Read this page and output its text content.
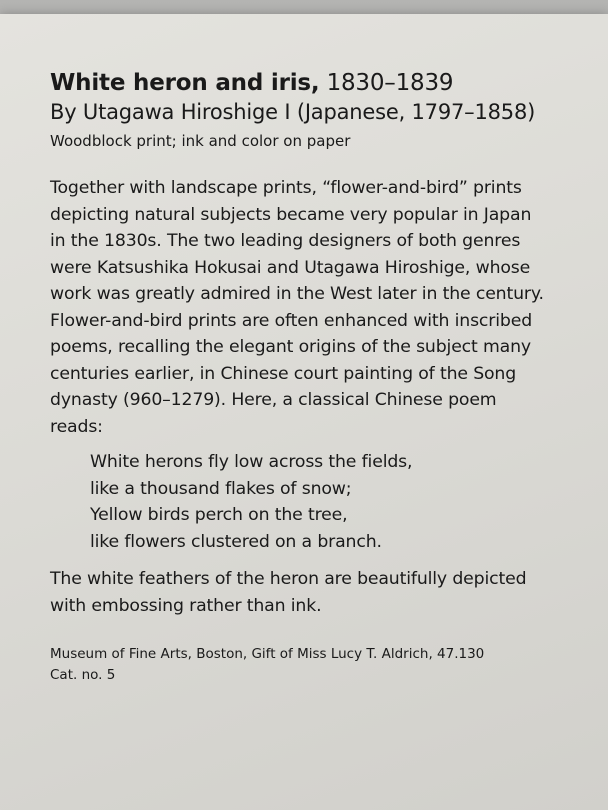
White heron and iris, 1830–1839

By Utagawa Hiroshige I (Japanese, 1797–1858)

Woodblock print; ink and color on paper

Together with landscape prints, “flower-and-bird” prints
depicting natural subjects became very popular in Japan
in the 1830s. The two leading designers of both genres
were Katsushika Hokusai and Utagawa Hiroshige, whose
work was greatly admired in the West later in the century.
Flower-and-bird prints are often enhanced with inscribed
poems, recalling the elegant origins of the subject many
centuries earlier, in Chinese court painting of the Song
dynasty (960–1279). Here, a classical Chinese poem
reads:
White herons fly low across the fields,
like a thousand flakes of snow;
Yellow birds perch on the tree,
like flowers clustered on a branch.
The white feathers of the heron are beautifully depicted
with embossing rather than ink.
Museum of Fine Arts, Boston, Gift of Miss Lucy T. Aldrich, 47.130
Cat. no. 5
